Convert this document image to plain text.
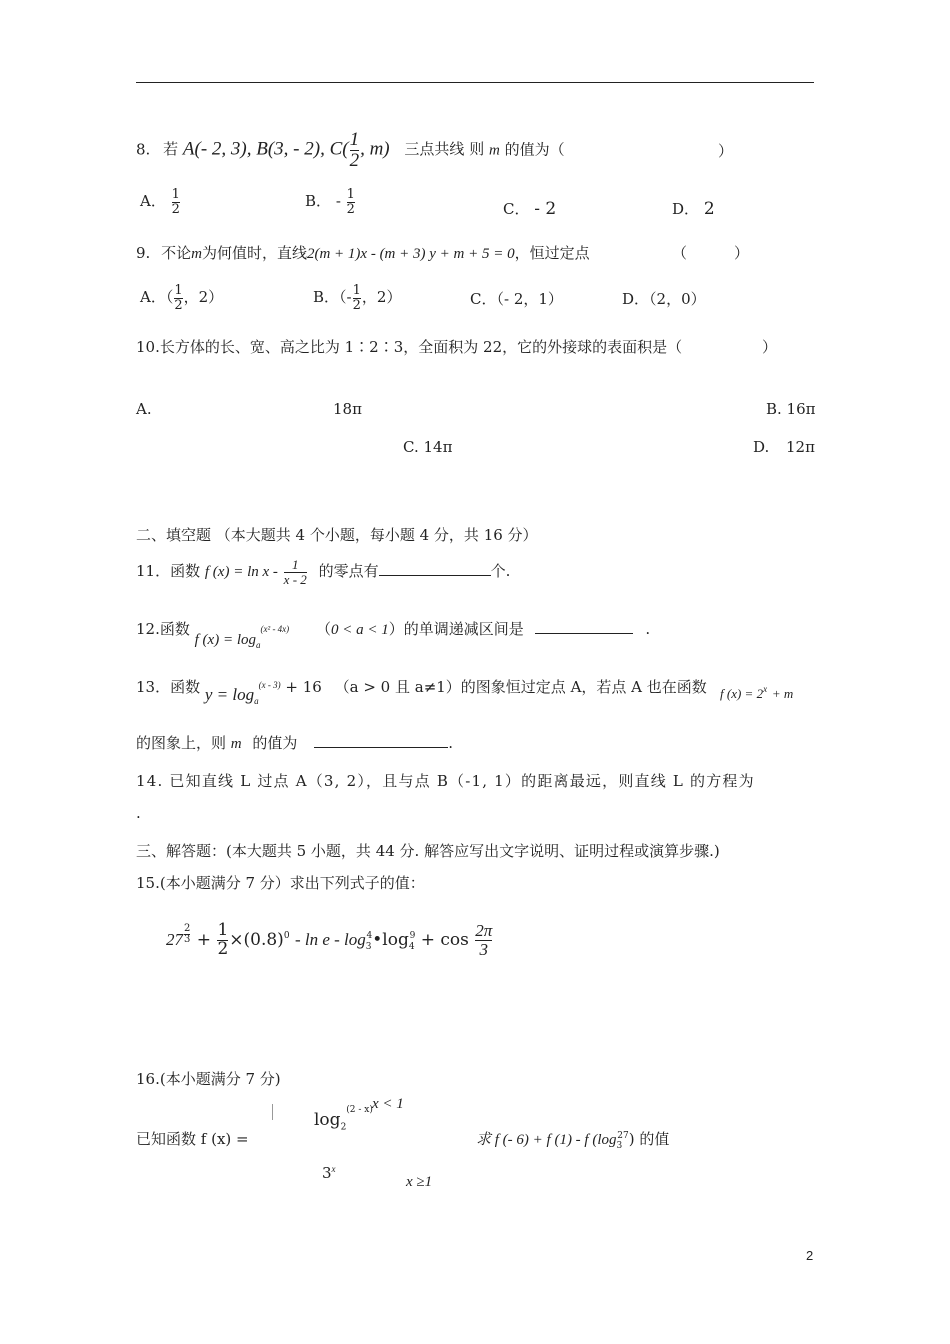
8. 若 A(- 2, 3), B(3, - 2), $C( \frac{1}{2}$ , m) 三点共线 则 m 的值为（	）
A． $\frac{1}{2}$	B． - $\frac{1}{2}$	C． - 2	D． 2
9. 不论m为何值时，直线2(m + 1)x - (m + 3) y + m + 5 = 0，恒过定点	（	）
A．（ $\frac{1}{2}$ ，2）	B．（- $\frac{1}{2}$ ，2）	C．（- 2，1）	D．（2，0）
10.长方体的长、宽、高之比为 1∶2∶3，全面积为 22，它的外接球的表面积是（	）
A.	18π	B. 16π
C. 14π	D. 12π
二、填空题 （本大题共 4 个小题，每小题 4 分，共 16 分）
11．函数 f $(x) = \ln x - \frac{1}{x - 2}$ 的零点有	个.
12.函数 f $(x) = \log_a^{(x^2 - 4x)} (0 < a < 1)$的单调递减区间是	.
13．函数 $y = \log_a^{(x - 3)} + 16$ （a > 0 且 a≠1）的图象恒过定点 A，若点 A 也在函数 f $(x) = 2^x + m$
的图象上，则 m 的值为	.
14. 已知直线 L 过点 A（3, 2），且与点 B（-1, 1）的距离最远，则直线 L 的方程为
.
三、解答题：(本大题共 5 小题，共 44 分. 解答应写出文字说明、证明过程或演算步骤.)
15.(本小题满分 7 分）求出下列式子的值：
$27 \frac{2}{3} + \frac{1}{2} \times(0.8)^0 - \ln e$ - $\log_3^4•\log_4^9 + \cos \frac{2\pi}{3}$
16.(本小题满分 7 分)
$\log_2^{(2 - x)} x < 1$
已知函数 f (x) =	求 f (- 6) + f (1) - f $(\log_3^{27})$ 的值
3$^x$
x ≥1
2
